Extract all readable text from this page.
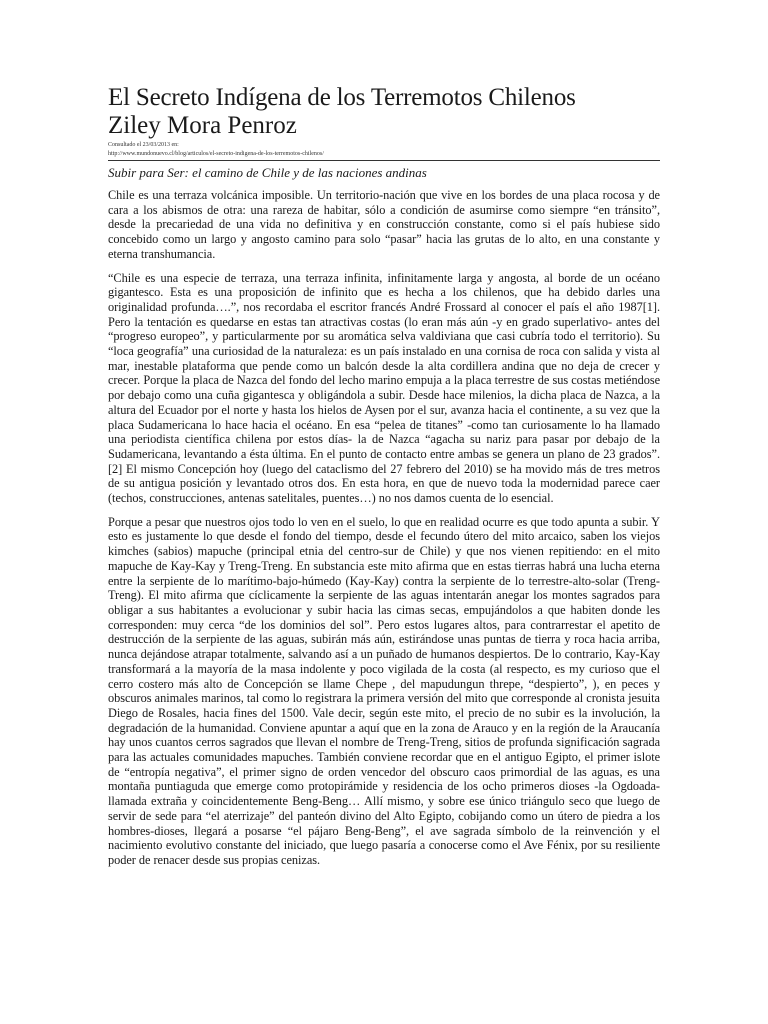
El Secreto Indígena de los Terremotos Chilenos
Ziley Mora Penroz
Consultado el 23/03/2013 en:
http://www.mundonuevo.cl/blog/articulos/el-secreto-indigena-de-los-terremotos-chilenos/
Subir para Ser: el camino de Chile y de las naciones andinas

Chile es una terraza volcánica imposible. Un territorio-nación que vive en los bordes de una placa rocosa y de cara a los abismos de otra: una rareza de habitar, sólo a condición de asumirse como siempre “en tránsito”, desde la precariedad de una vida no definitiva y en construcción constante, como si el país hubiese sido concebido como un largo y angosto camino para solo “pasar” hacia las grutas de lo alto, en una constante y eterna transhumancia.

“Chile es una especie de terraza, una terraza infinita, infinitamente larga y angosta, al borde de un océano gigantesco. Esta es una proposición de infinito que es hecha a los chilenos, que ha debido darles una originalidad profunda….”, nos recordaba el escritor francés André Frossard al conocer el país el año 1987[1]. Pero la tentación es quedarse en estas tan atractivas costas (lo eran más aún -y en grado superlativo- antes del “progreso europeo”, y particularmente por su aromática selva valdiviana que casi cubría todo el territorio). Su “loca geografía” una curiosidad de la naturaleza: es un país instalado en una cornisa de roca con salida y vista al mar, inestable plataforma que pende como un balcón desde la alta cordillera andina que no deja de crecer y crecer. Porque la placa de Nazca del fondo del lecho marino empuja a la placa terrestre de sus costas metiéndose por debajo como una cuña gigantesca y obligándola a subir. Desde hace milenios, la dicha placa de Nazca, a la altura del Ecuador por el norte y hasta los hielos de Aysen por el sur, avanza hacia el continente, a su vez que la placa Sudamericana lo hace hacia el océano. En esa “pelea de titanes” -como tan curiosamente lo ha llamado una periodista científica chilena por estos días- la de Nazca “agacha su nariz para pasar por debajo de la Sudamericana, levantando a ésta última. En el punto de contacto entre ambas se genera un plano de 23 grados”.[2] El mismo Concepción hoy (luego del cataclismo del 27 febrero del 2010) se ha movido más de tres metros de su antigua posición y levantado otros dos. En esta hora, en que de nuevo toda la modernidad parece caer (techos, construcciones, antenas satelitales, puentes…) no nos damos cuenta de lo esencial.

Porque a pesar que nuestros ojos todo lo ven en el suelo, lo que en realidad ocurre es que todo apunta a subir. Y esto es justamente lo que desde el fondo del tiempo, desde el fecundo útero del mito arcaico, saben los viejos kimches (sabios) mapuche (principal etnia del centro-sur de Chile) y que nos vienen repitiendo: en el mito mapuche de Kay-Kay y Treng-Treng. En substancia este mito afirma que en estas tierras habrá una lucha eterna entre la serpiente de lo marítimo-bajo-húmedo (Kay-Kay) contra la serpiente de lo terrestre-alto-solar (Treng-Treng). El mito afirma que cíclicamente la serpiente de las aguas intentarán anegar los montes sagrados para obligar a sus habitantes a evolucionar y subir hacia las cimas secas, empujándolos a que habiten donde les corresponden: muy cerca “de los dominios del sol”. Pero estos lugares altos, para contrarrestar el apetito de destrucción de la serpiente de las aguas, subirán más aún, estirándose unas puntas de tierra y roca hacia arriba, nunca dejándose atrapar totalmente, salvando así a un puñado de humanos despiertos. De lo contrario, Kay-Kay transformará a la mayoría de la masa indolente y poco vigilada de la costa (al respecto, es my curioso que el cerro costero más alto de Concepción se llame Chepe , del mapudungun threpe, “despierto”, ), en peces y obscuros animales marinos, tal como lo registrara la primera versión del mito que corresponde al cronista jesuita Diego de Rosales, hacia fines del 1500. Vale decir, según este mito, el precio de no subir es la involución, la degradación de la humanidad. Conviene apuntar a aquí que en la zona de Arauco y en la región de la Araucanía hay unos cuantos cerros sagrados que llevan el nombre de Treng-Treng, sitios de profunda significación sagrada para las actuales comunidades mapuches. También conviene recordar que en el antiguo Egipto, el primer islote de “entropía negativa”, el primer signo de orden vencedor del obscuro caos primordial de las aguas, es una montaña puntiaguda que emerge como protopirámide y residencia de los ocho primeros dioses -la Ogdoada- llamada extraña y coincidentemente Beng-Beng… Allí mismo, y sobre ese único triángulo seco que luego de servir de sede para “el aterrizaje” del panteón divino del Alto Egipto, cobijando como un útero de piedra a los hombres-dioses, llegará a posarse “el pájaro Beng-Beng”, el ave sagrada símbolo de la reinvención y el nacimiento evolutivo constante del iniciado, que luego pasaría a conocerse como el Ave Fénix, por su resiliente poder de renacer desde sus propias cenizas.
